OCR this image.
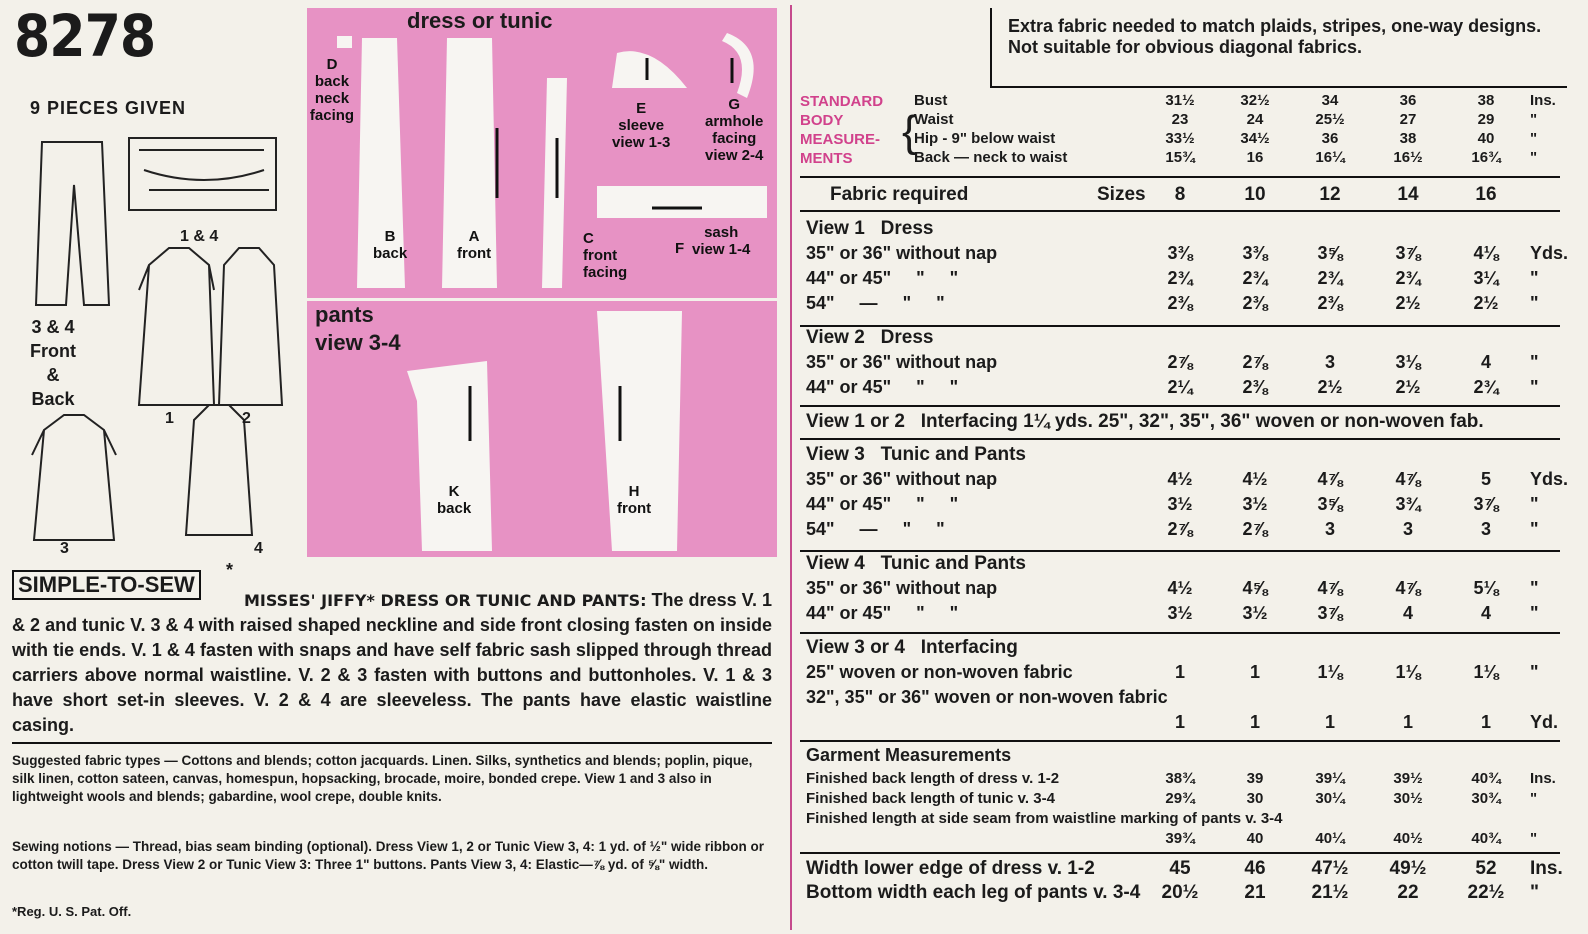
8278
9 PIECES GIVEN
1 & 4
3 & 4
Front
&
Back
1	2
3	4
dress or tunic
D
back
neck
facing
B
back
A
front
E
sleeve
view 1-3
G
armhole
facing
view 2-4
C
front
facing
F
sash
view 1-4
pants
view 3-4
K
back
H
front
SIMPLE-TO-SEW
*
MISSES' JIFFY* DRESS OR TUNIC AND PANTS: The dress V. 1 & 2 and tunic V. 3 & 4 with raised shaped neckline and side front closing fasten on inside with tie ends. V. 1 & 4 fasten with snaps and have self fabric sash slipped through thread carriers above normal waistline. V. 2 & 3 fasten with buttons and buttonholes. V. 1 & 3 have short set-in sleeves. V. 2 & 4 are sleeveless. The pants have elastic waistline casing.
Suggested fabric types — Cottons and blends; cotton jacquards. Linen. Silks, synthetics and blends; poplin, pique, silk linen, cotton sateen, canvas, homespun, hopsacking, brocade, moire, bonded crepe. View 1 and 3 also in lightweight wools and blends; gabardine, wool crepe, double knits.
Sewing notions — Thread, bias seam binding (optional). Dress View 1, 2 or Tunic View 3, 4: 1 yd. of ½" wide ribbon or cotton twill tape. Dress View 2 or Tunic View 3: Three 1" buttons. Pants View 3, 4: Elastic—⅞ yd. of ⅝" width.
*Reg. U. S. Pat. Off.
Extra fabric needed to match plaids, stripes, one-way designs.
Not suitable for obvious diagonal fabrics.
STANDARD
BODY
MEASURE-
MENTS
{
Bust	31½	32½	34	36	38	Ins.
Waist	23	24	25½	27	29	"
Hip - 9" below waist	33½	34½	36	38	40	"
Back — neck to waist	15¾	16	16¼	16½	16¾	"
Fabric required	Sizes	8	10	12	14	16
View 1   Dress
35" or 36" without nap	3⅜	3⅜	3⅝	3⅞	4⅛	Yds.
44" or 45"     "     "	2¾	2¾	2¾	2¾	3¼	"
54"     —     "     "	2⅜	2⅜	2⅜	2½	2½	"
View 2   Dress
35" or 36" without nap	2⅞	2⅞	3	3⅛	4	"
44" or 45"     "     "	2¼	2⅜	2½	2½	2¾	"
View 1 or 2   Interfacing 1¼ yds. 25", 32", 35", 36" woven or non-woven fab.
View 3   Tunic and Pants
35" or 36" without nap	4½	4½	4⅞	4⅞	5	Yds.
44" or 45"     "     "	3½	3½	3⅝	3¾	3⅞	"
54"     —     "     "	2⅞	2⅞	3	3	3	"
View 4   Tunic and Pants
35" or 36" without nap	4½	4⅝	4⅞	4⅞	5⅛	"
44" or 45"     "     "	3½	3½	3⅞	4	4	"
View 3 or 4   Interfacing
25" woven or non-woven fabric	1	1	1⅛	1⅛	1⅛	"
32", 35" or 36" woven or non-woven fabric
1	1	1	1	1	Yd.
Garment Measurements
Finished back length of dress v. 1-2	38¾	39	39¼	39½	40¾	Ins.
Finished back length of tunic v. 3-4	29¾	30	30¼	30½	30¾	"
Finished length at side seam from waistline marking of pants v. 3-4
39¾	40	40¼	40½	40¾	"
Width lower edge of dress v. 1-2	45	46	47½	49½	52	Ins.
Bottom width each leg of pants v. 3-4	20½	21	21½	22	22½	"
